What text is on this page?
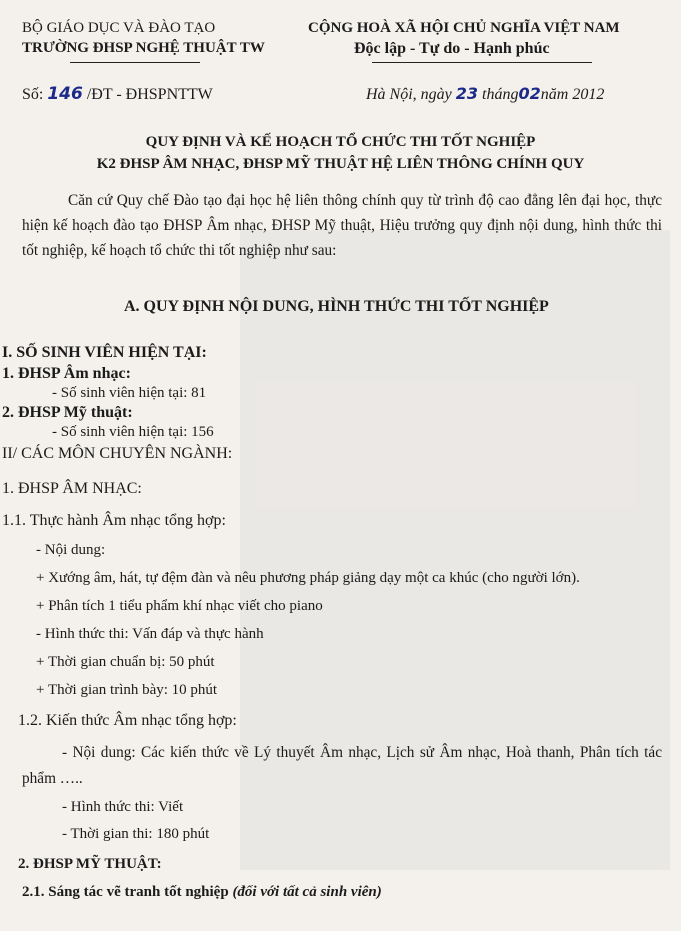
BỘ GIÁO DỤC VÀ ĐÀO TẠO
TRƯỜNG ĐHSP NGHỆ THUẬT TW
CỘNG HOÀ XÃ HỘI CHỦ NGHĨA VIỆT NAM
Độc lập - Tự do - Hạnh phúc
Số: 146 /ĐT - ĐHSPNTTW	Hà Nội, ngày 23 tháng02năm 2012
QUY ĐỊNH VÀ KẾ HOẠCH TỔ CHỨC THI TỐT NGHIỆP
K2 ĐHSP ÂM NHẠC, ĐHSP MỸ THUẬT HỆ LIÊN THÔNG CHÍNH QUY
Căn cứ Quy chế Đào tạo đại học hệ liên thông chính quy từ trình độ cao đẳng lên đại học, thực hiện kế hoạch đào tạo ĐHSP Âm nhạc, ĐHSP Mỹ thuật, Hiệu trưởng quy định nội dung, hình thức thi tốt nghiệp, kế hoạch tổ chức thi tốt nghiệp như sau:
A. QUY ĐỊNH NỘI DUNG, HÌNH THỨC THI TỐT NGHIỆP
I. SỐ SINH VIÊN HIỆN TẠI:
1. ĐHSP Âm nhạc:
- Số sinh viên hiện tại: 81
2. ĐHSP Mỹ thuật:
- Số sinh viên hiện tại: 156
II/ CÁC MÔN CHUYÊN NGÀNH:
1. ĐHSP ÂM NHẠC:
1.1. Thực hành Âm nhạc tổng hợp:
- Nội dung:
+ Xướng âm, hát, tự đệm đàn và nêu phương pháp giảng dạy một ca khúc (cho người lớn).
+ Phân tích 1 tiểu phẩm khí nhạc viết cho piano
- Hình thức thi: Vấn đáp và thực hành
+ Thời gian chuẩn bị: 50 phút
+ Thời gian trình bày: 10 phút
1.2. Kiến thức Âm nhạc tổng hợp:
- Nội dung: Các kiến thức về Lý thuyết Âm nhạc, Lịch sử Âm nhạc, Hoà thanh, Phân tích tác phẩm …..
- Hình thức thi: Viết
- Thời gian thi: 180 phút
2. ĐHSP MỸ THUẬT:
2.1. Sáng tác vẽ tranh tốt nghiệp (đối với tất cả sinh viên)
